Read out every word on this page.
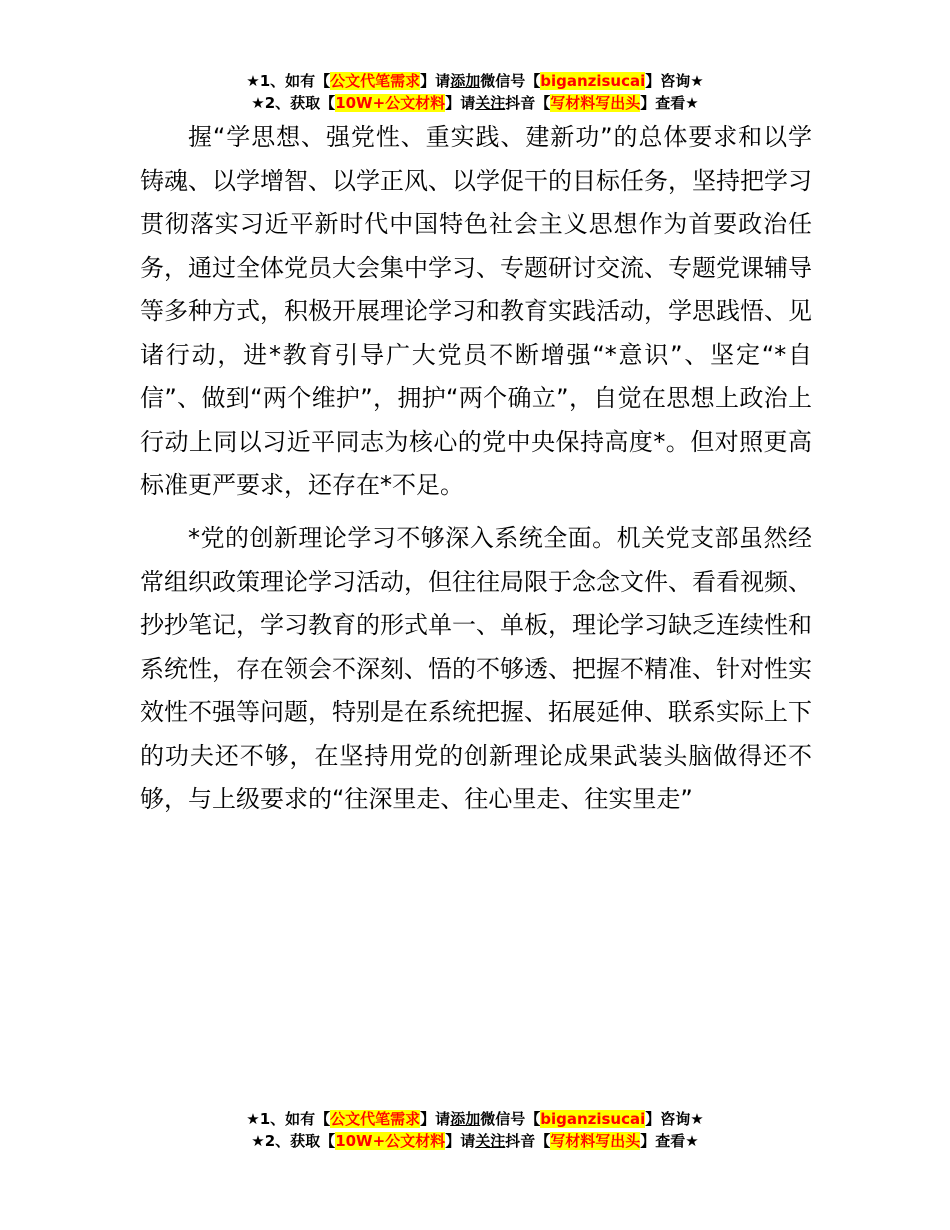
★1、如有【公文代笔需求】请添加微信号【biganzisucai】咨询★
★2、获取【10W+公文材料】请关注抖音【写材料写出头】查看★

握“学思想、强党性、重实践、建新功”的总体要求和以学铸魂、以学增智、以学正风、以学促干的目标任务，坚持把学习贯彻落实习近平新时代中国特色社会主义思想作为首要政治任务，通过全体党员大会集中学习、专题研讨交流、专题党课辅导等多种方式，积极开展理论学习和教育实践活动，学思践悟、见诸行动，进*教育引导广大党员不断增强“*意识”、坚定“*自信”、做到“两个维护”，拥护“两个确立”，自觉在思想上政治上行动上同以习近平同志为核心的党中央保持高度*。但对照更高标准更严要求，还存在*不足。

*党的创新理论学习不够深入系统全面。机关党支部虽然经常组织政策理论学习活动，但往往局限于念念文件、看看视频、抄抄笔记，学习教育的形式单一、单板，理论学习缺乏连续性和系统性，存在领会不深刻、悟的不够透、把握不精准、针对性实效性不强等问题，特别是在系统把握、拓展延伸、联系实际上下的功夫还不够，在坚持用党的创新理论成果武装头脑做得还不够，与上级要求的“往深里走、往心里走、往实里走”

★1、如有【公文代笔需求】请添加微信号【biganzisucai】咨询★
★2、获取【10W+公文材料】请关注抖音【写材料写出头】查看★
